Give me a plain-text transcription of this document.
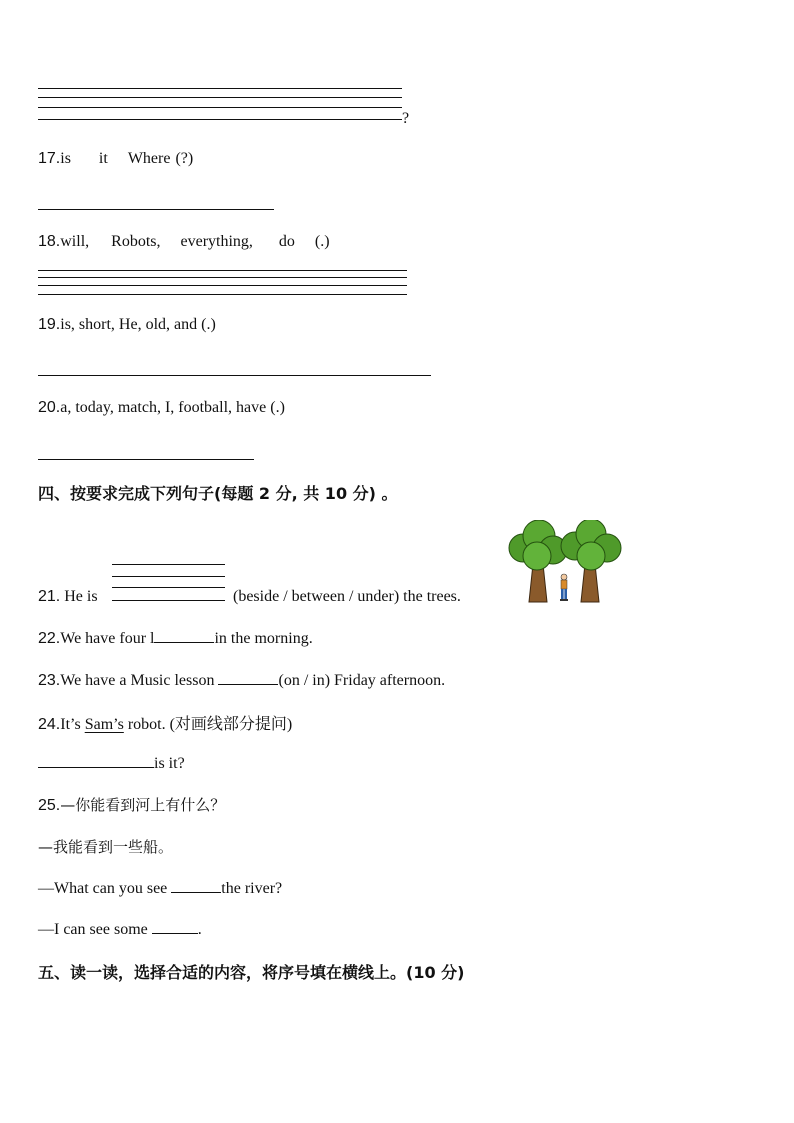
?
17.is it Where (?)
18.will, Robots, everything, do (.)
19.is, short, He, old, and (.)
20.a, today, match, I, football, have (.)
四、按要求完成下列句子(每题 2 分, 共 10 分) 。
21. He is	(beside / between / under) the trees.
22.We have four l	in the morning.
23.We have a Music lesson	(on / in) Friday afternoon.
24.It’s Sam’s robot. (对画线部分提问)
is it?
25.—你能看到河上有什么？
—我能看到一些船。
—What can you see	the river?
—I can see some	.
五、读一读，选择合适的内容，将序号填在横线上。(10 分)
